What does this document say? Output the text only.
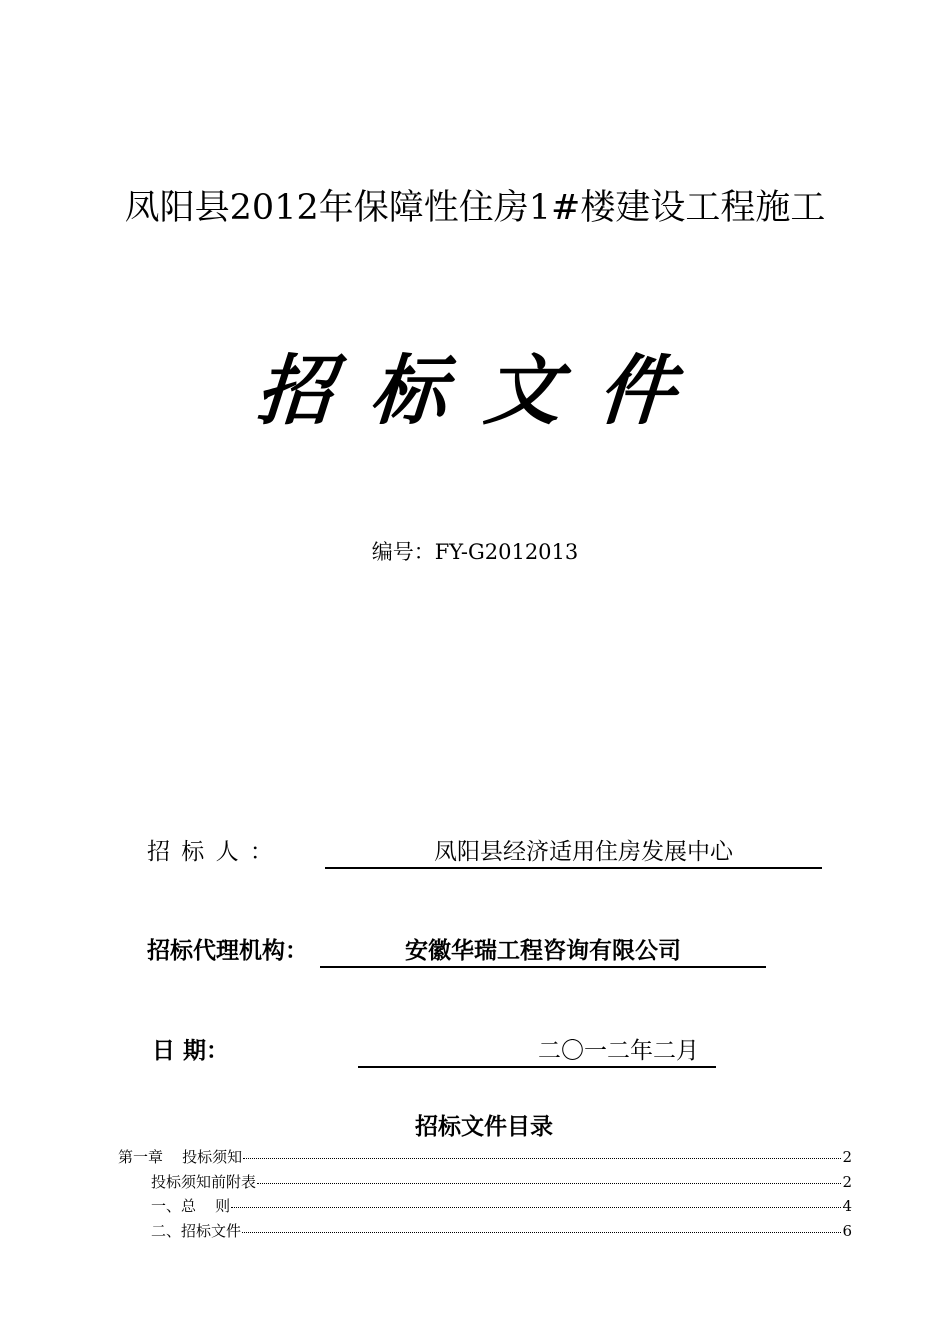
凤阳县2012年保障性住房1#楼建设工程施工
招标文件
编号：FY-G2012013
招 标 人 ：	凤阳县经济适用住房发展中心
招标代理机构：	安徽华瑞工程咨询有限公司
日 期：	二〇一二年二月
招标文件目录
第一章    投标须知	2
投标须知前附表	2
一、总    则	4
二、招标文件	6
